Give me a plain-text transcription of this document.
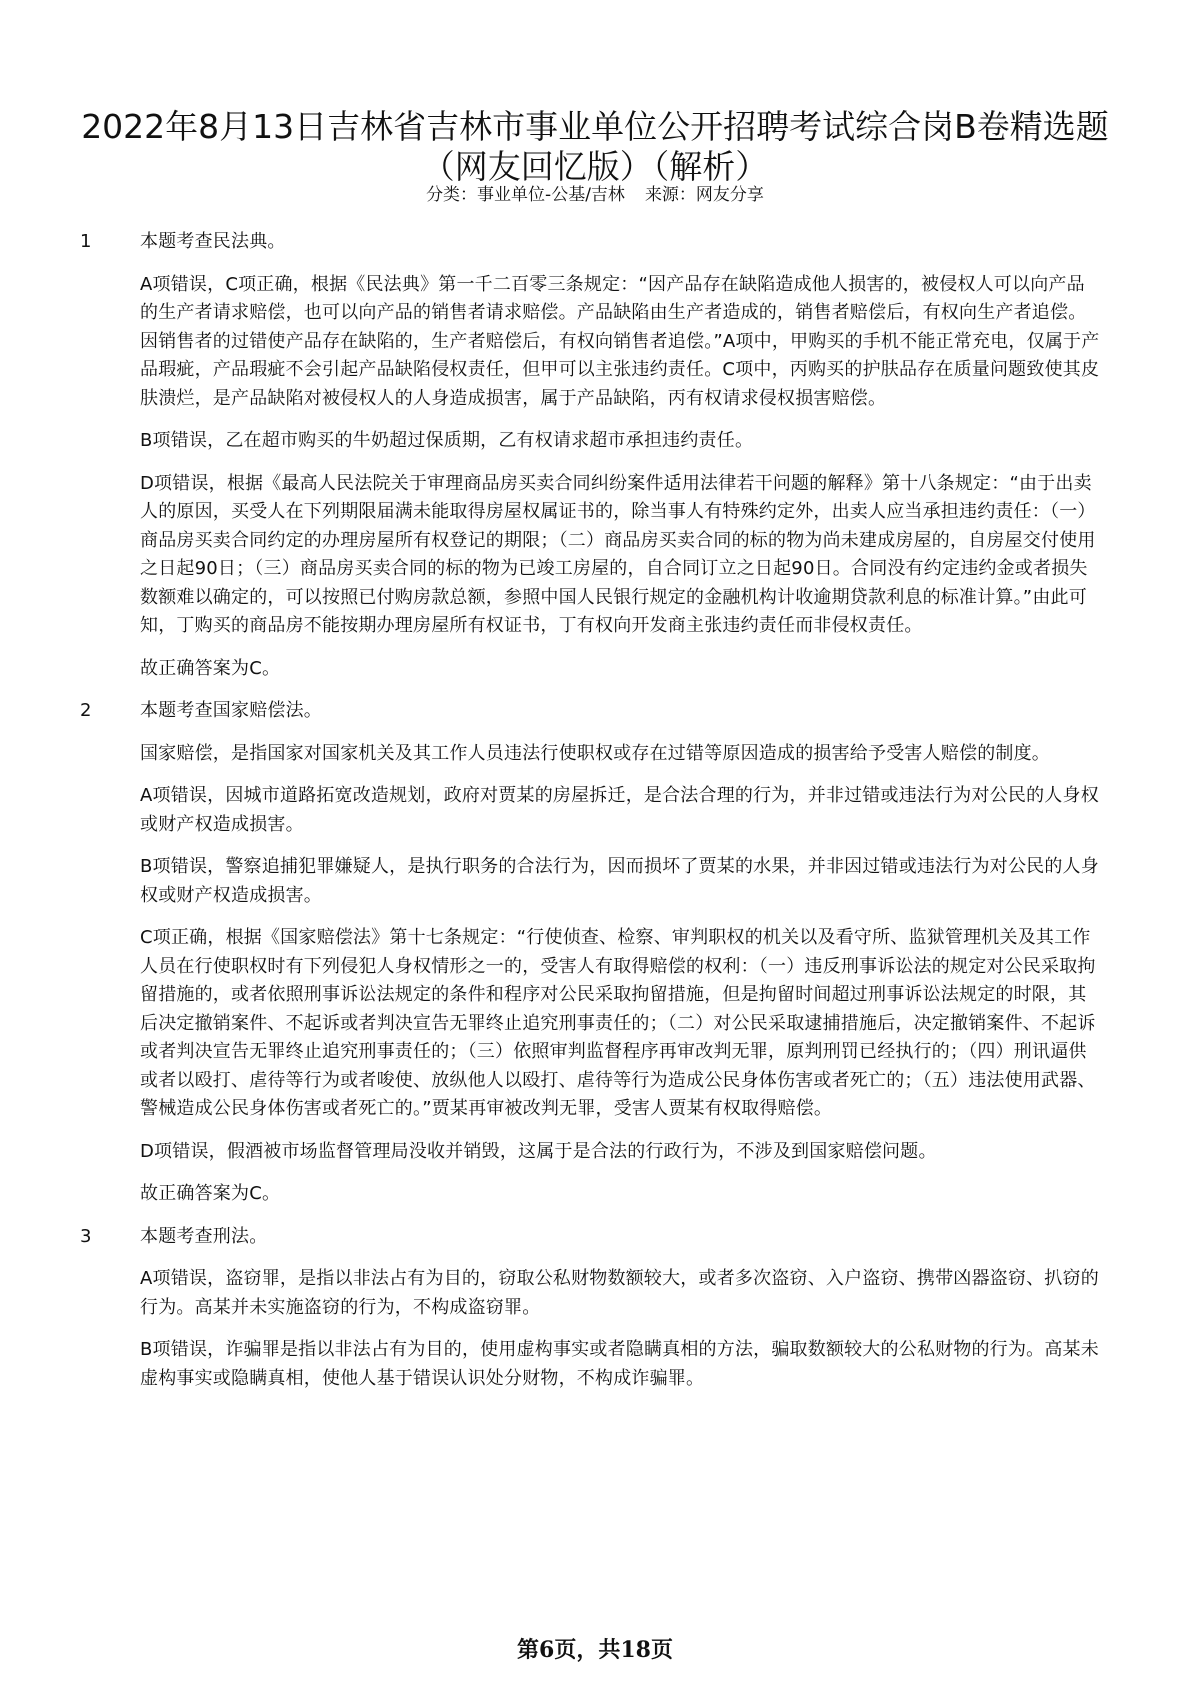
2022年8月13日吉林省吉林市事业单位公开招聘考试综合岗B卷精选题（网友回忆版）（解析）
分类：事业单位-公基/吉林 来源：网友分享
1	本题考查民法典。

A项错误，C项正确，根据《民法典》第一千二百零三条规定：“因产品存在缺陷造成他人损害的，被侵权人可以向产品的生产者请求赔偿，也可以向产品的销售者请求赔偿。产品缺陷由生产者造成的，销售者赔偿后，有权向生产者追偿。因销售者的过错使产品存在缺陷的，生产者赔偿后，有权向销售者追偿。”A项中，甲购买的手机不能正常充电，仅属于产品瑕疵，产品瑕疵不会引起产品缺陷侵权责任，但甲可以主张违约责任。C项中，丙购买的护肤品存在质量问题致使其皮肤溃烂，是产品缺陷对被侵权人的人身造成损害，属于产品缺陷，丙有权请求侵权损害赔偿。

B项错误，乙在超市购买的牛奶超过保质期，乙有权请求超市承担违约责任。

D项错误，根据《最高人民法院关于审理商品房买卖合同纠纷案件适用法律若干问题的解释》第十八条规定：“由于出卖人的原因，买受人在下列期限届满未能取得房屋权属证书的，除当事人有特殊约定外，出卖人应当承担违约责任：（一）商品房买卖合同约定的办理房屋所有权登记的期限；（二）商品房买卖合同的标的物为尚未建成房屋的，自房屋交付使用之日起90日；（三）商品房买卖合同的标的物为已竣工房屋的，自合同订立之日起90日。合同没有约定违约金或者损失数额难以确定的，可以按照已付购房款总额，参照中国人民银行规定的金融机构计收逾期贷款利息的标准计算。”由此可知，丁购买的商品房不能按期办理房屋所有权证书，丁有权向开发商主张违约责任而非侵权责任。

故正确答案为C。

2	本题考查国家赔偿法。

国家赔偿，是指国家对国家机关及其工作人员违法行使职权或存在过错等原因造成的损害给予受害人赔偿的制度。

A项错误，因城市道路拓宽改造规划，政府对贾某的房屋拆迁，是合法合理的行为，并非过错或违法行为对公民的人身权或财产权造成损害。

B项错误，警察追捕犯罪嫌疑人，是执行职务的合法行为，因而损坏了贾某的水果，并非因过错或违法行为对公民的人身权或财产权造成损害。

C项正确，根据《国家赔偿法》第十七条规定：“行使侦查、检察、审判职权的机关以及看守所、监狱管理机关及其工作人员在行使职权时有下列侵犯人身权情形之一的，受害人有取得赔偿的权利：（一）违反刑事诉讼法的规定对公民采取拘留措施的，或者依照刑事诉讼法规定的条件和程序对公民采取拘留措施，但是拘留时间超过刑事诉讼法规定的时限，其后决定撤销案件、不起诉或者判决宣告无罪终止追究刑事责任的；（二）对公民采取逮捕措施后，决定撤销案件、不起诉或者判决宣告无罪终止追究刑事责任的；（三）依照审判监督程序再审改判无罪，原判刑罚已经执行的；（四）刑讯逼供或者以殴打、虐待等行为或者唆使、放纵他人以殴打、虐待等行为造成公民身体伤害或者死亡的；（五）违法使用武器、警械造成公民身体伤害或者死亡的。”贾某再审被改判无罪，受害人贾某有权取得赔偿。

D项错误，假酒被市场监督管理局没收并销毁，这属于是合法的行政行为，不涉及到国家赔偿问题。

故正确答案为C。

3	本题考查刑法。

A项错误，盗窃罪，是指以非法占有为目的，窃取公私财物数额较大，或者多次盗窃、入户盗窃、携带凶器盗窃、扒窃的行为。高某并未实施盗窃的行为，不构成盗窃罪。

B项错误，诈骗罪是指以非法占有为目的，使用虚构事实或者隐瞒真相的方法，骗取数额较大的公私财物的行为。高某未虚构事实或隐瞒真相，使他人基于错误认识处分财物，不构成诈骗罪。

第6页，共18页
